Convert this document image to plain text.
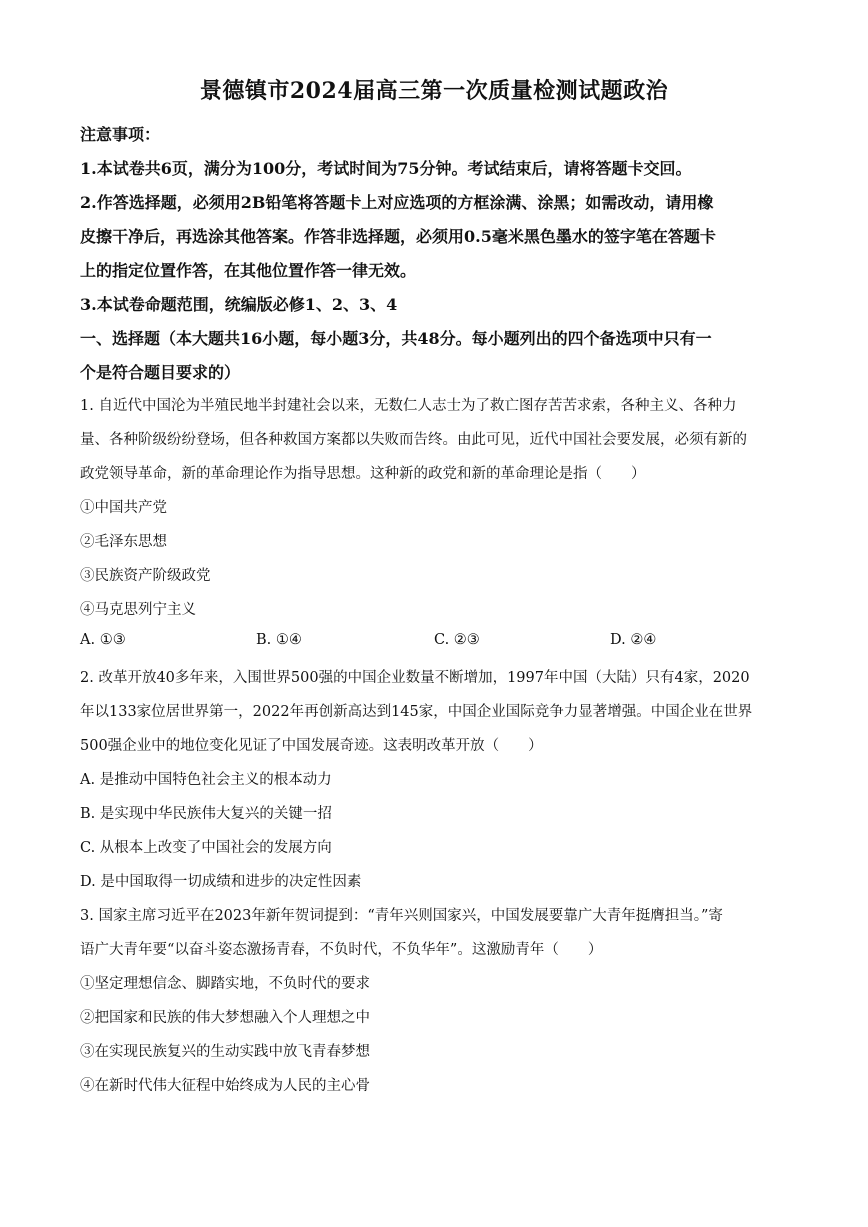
景德镇市2024届高三第一次质量检测试题政治
注意事项：
1.本试卷共6页，满分为100分，考试时间为75分钟。考试结束后，请将答题卡交回。
2.作答选择题，必须用2B铅笔将答题卡上对应选项的方框涂满、涂黑；如需改动，请用橡
皮擦干净后，再选涂其他答案。作答非选择题，必须用0.5毫米黑色墨水的签字笔在答题卡
上的指定位置作答，在其他位置作答一律无效。
3.本试卷命题范围，统编版必修1、2、3、4
一、选择题（本大题共16小题，每小题3分，共48分。每小题列出的四个备选项中只有一
个是符合题目要求的）
1. 自近代中国沦为半殖民地半封建社会以来，无数仁人志士为了救亡图存苦苦求索，各种主义、各种力
量、各种阶级纷纷登场，但各种救国方案都以失败而告终。由此可见，近代中国社会要发展，必须有新的
政党领导革命，新的革命理论作为指导思想。这种新的政党和新的革命理论是指（　　）
①中国共产党
②毛泽东思想
③民族资产阶级政党
④马克思列宁主义
A. ①③	B. ①④	C. ②③	D. ②④
2. 改革开放40多年来，入围世界500强的中国企业数量不断增加，1997年中国（大陆）只有4家，2020
年以133家位居世界第一，2022年再创新高达到145家，中国企业国际竞争力显著增强。中国企业在世界
500强企业中的地位变化见证了中国发展奇迹。这表明改革开放（　　）
A. 是推动中国特色社会主义的根本动力
B. 是实现中华民族伟大复兴的关键一招
C. 从根本上改变了中国社会的发展方向
D. 是中国取得一切成绩和进步的决定性因素
3. 国家主席习近平在2023年新年贺词提到：“青年兴则国家兴，中国发展要靠广大青年挺膺担当。”寄
语广大青年要“以奋斗姿态激扬青春，不负时代，不负华年”。这激励青年（　　）
①坚定理想信念、脚踏实地，不负时代的要求
②把国家和民族的伟大梦想融入个人理想之中
③在实现民族复兴的生动实践中放飞青春梦想
④在新时代伟大征程中始终成为人民的主心骨
